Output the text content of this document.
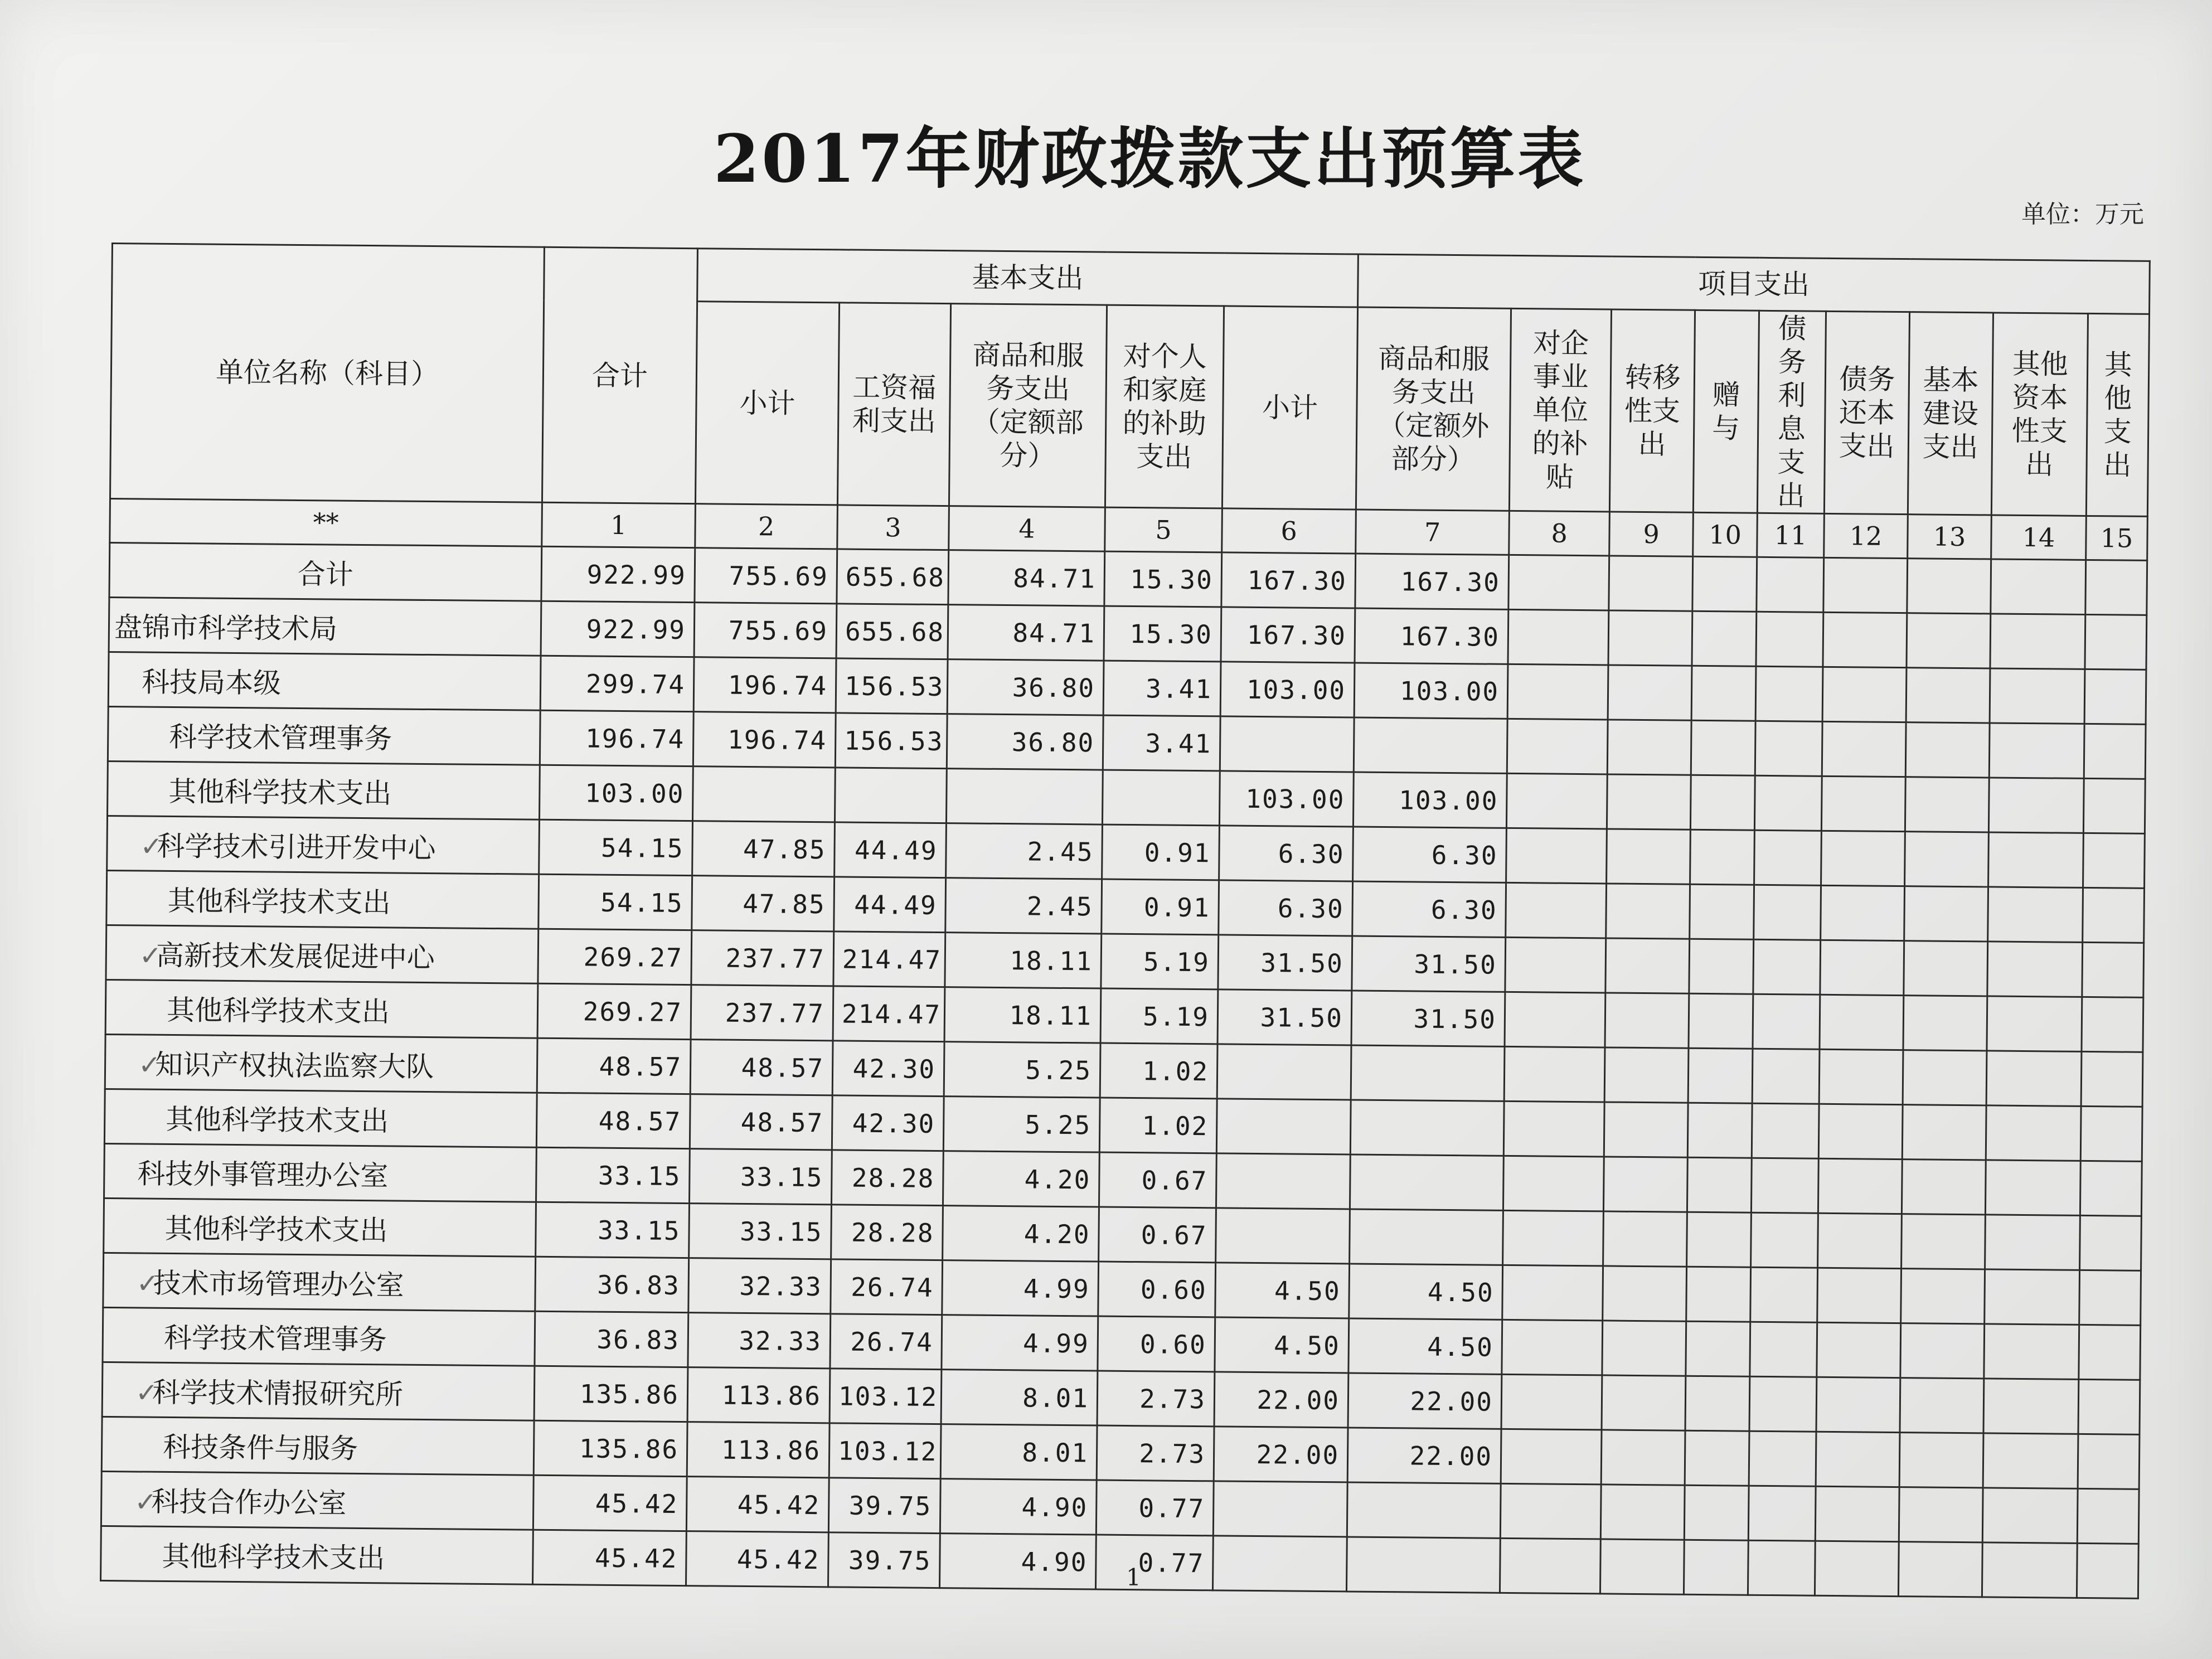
2017年财政拨款支出预算表
单位：万元
单位名称（科目）	合计	基本支出					项目支出								
		小计	工资福利支出	商品和服务支出（定额部分）	对个人和家庭的补助支出	小计	商品和服务支出（定额外部分）	对企事业单位的补贴	转移性支出	赠与	债务利息支出	债务还本支出	基本建设支出	其他资本性支出	其他支出
**	1	2	3	4	5	6	7	8	9	10	11	12	13	14	15
合计	922.99	755.69	655.68	84.71	15.30	167.30	167.30								
盘锦市科学技术局	922.99	755.69	655.68	84.71	15.30	167.30	167.30								
科技局本级	299.74	196.74	156.53	36.80	3.41	103.00	103.00								
科学技术管理事务	196.74	196.74	156.53	36.80	3.41										
其他科学技术支出	103.00					103.00	103.00								
✓科学技术引进开发中心	54.15	47.85	44.49	2.45	0.91	6.30	6.30								
其他科学技术支出	54.15	47.85	44.49	2.45	0.91	6.30	6.30								
✓高新技术发展促进中心	269.27	237.77	214.47	18.11	5.19	31.50	31.50								
其他科学技术支出	269.27	237.77	214.47	18.11	5.19	31.50	31.50								
✓知识产权执法监察大队	48.57	48.57	42.30	5.25	1.02										
其他科学技术支出	48.57	48.57	42.30	5.25	1.02										
科技外事管理办公室	33.15	33.15	28.28	4.20	0.67										
其他科学技术支出	33.15	33.15	28.28	4.20	0.67										
✓技术市场管理办公室	36.83	32.33	26.74	4.99	0.60	4.50	4.50								
科学技术管理事务	36.83	32.33	26.74	4.99	0.60	4.50	4.50								
✓科学技术情报研究所	135.86	113.86	103.12	8.01	2.73	22.00	22.00								
科技条件与服务	135.86	113.86	103.12	8.01	2.73	22.00	22.00								
✓科技合作办公室	45.42	45.42	39.75	4.90	0.77										
其他科学技术支出	45.42	45.42	39.75	4.90	0.77										
1
